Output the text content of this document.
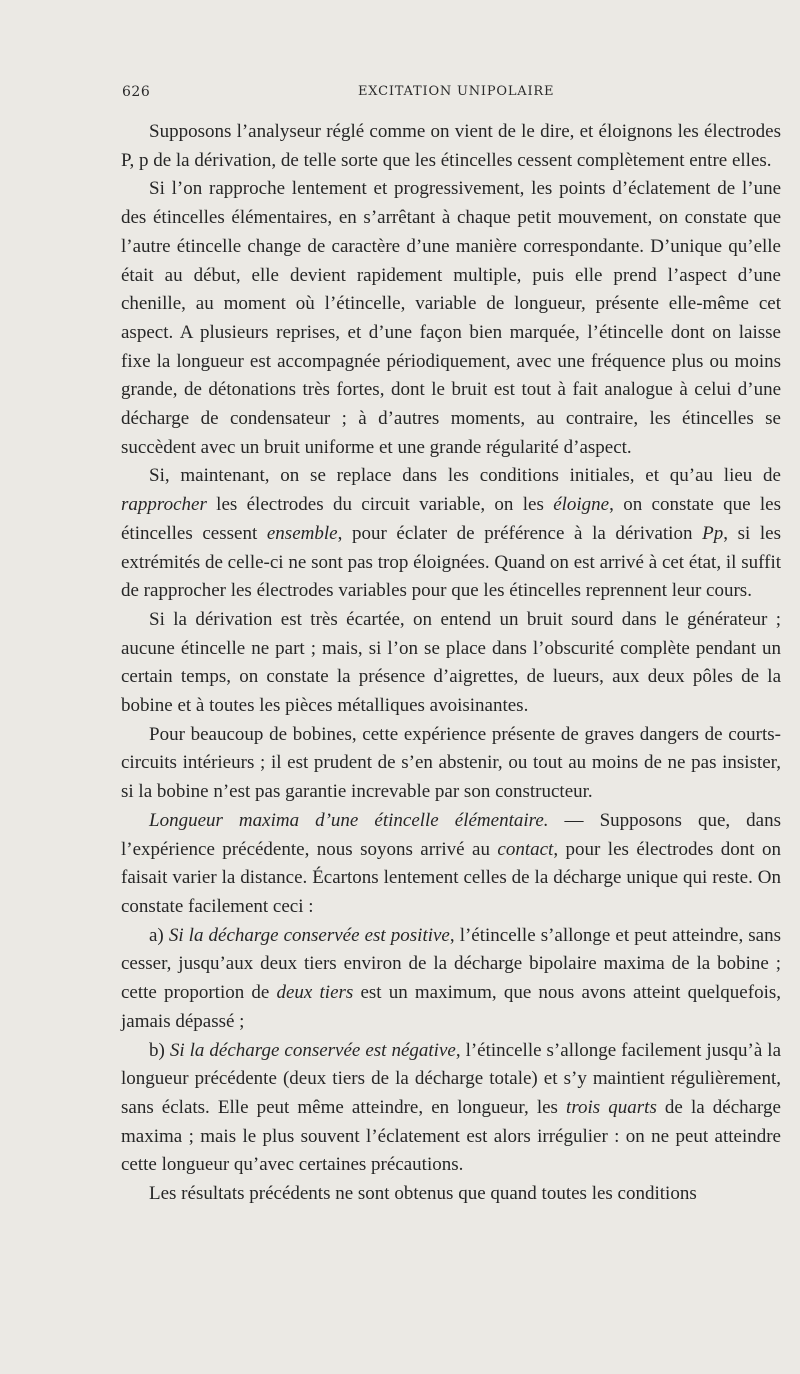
626	EXCITATION UNIPOLAIRE

Supposons l’analyseur réglé comme on vient de le dire, et éloignons les électrodes P, p de la dérivation, de telle sorte que les étincelles cessent complètement entre elles.

Si l’on rapproche lentement et progressivement, les points d’éclatement de l’une des étincelles élémentaires, en s’arrêtant à chaque petit mouvement, on constate que l’autre étincelle change de caractère d’une manière correspondante. D’unique qu’elle était au début, elle devient rapidement multiple, puis elle prend l’aspect d’une chenille, au moment où l’étincelle, variable de longueur, présente elle-même cet aspect. A plusieurs reprises, et d’une façon bien marquée, l’étincelle dont on laisse fixe la longueur est accompagnée périodiquement, avec une fréquence plus ou moins grande, de détonations très fortes, dont le bruit est tout à fait analogue à celui d’une décharge de condensateur ; à d’autres moments, au contraire, les étincelles se succèdent avec un bruit uniforme et une grande régularité d’aspect.

Si, maintenant, on se replace dans les conditions initiales, et qu’au lieu de rapprocher les électrodes du circuit variable, on les éloigne, on constate que les étincelles cessent ensemble, pour éclater de préférence à la dérivation Pp, si les extrémités de celle-ci ne sont pas trop éloignées. Quand on est arrivé à cet état, il suffit de rapprocher les électrodes variables pour que les étincelles reprennent leur cours.

Si la dérivation est très écartée, on entend un bruit sourd dans le générateur ; aucune étincelle ne part ; mais, si l’on se place dans l’obscurité complète pendant un certain temps, on constate la présence d’aigrettes, de lueurs, aux deux pôles de la bobine et à toutes les pièces métalliques avoisinantes.

Pour beaucoup de bobines, cette expérience présente de graves dangers de courts-circuits intérieurs ; il est prudent de s’en abstenir, ou tout au moins de ne pas insister, si la bobine n’est pas garantie increvable par son constructeur.

Longueur maxima d’une étincelle élémentaire. — Supposons que, dans l’expérience précédente, nous soyons arrivé au contact, pour les électrodes dont on faisait varier la distance. Écartons lentement celles de la décharge unique qui reste. On constate facilement ceci :

a) Si la décharge conservée est positive, l’étincelle s’allonge et peut atteindre, sans cesser, jusqu’aux deux tiers environ de la décharge bipolaire maxima de la bobine ; cette proportion de deux tiers est un maximum, que nous avons atteint quelquefois, jamais dépassé ;

b) Si la décharge conservée est négative, l’étincelle s’allonge facilement jusqu’à la longueur précédente (deux tiers de la décharge totale) et s’y maintient régulièrement, sans éclats. Elle peut même atteindre, en longueur, les trois quarts de la décharge maxima ; mais le plus souvent l’éclatement est alors irrégulier : on ne peut atteindre cette longueur qu’avec certaines précautions.

Les résultats précédents ne sont obtenus que quand toutes les conditions
